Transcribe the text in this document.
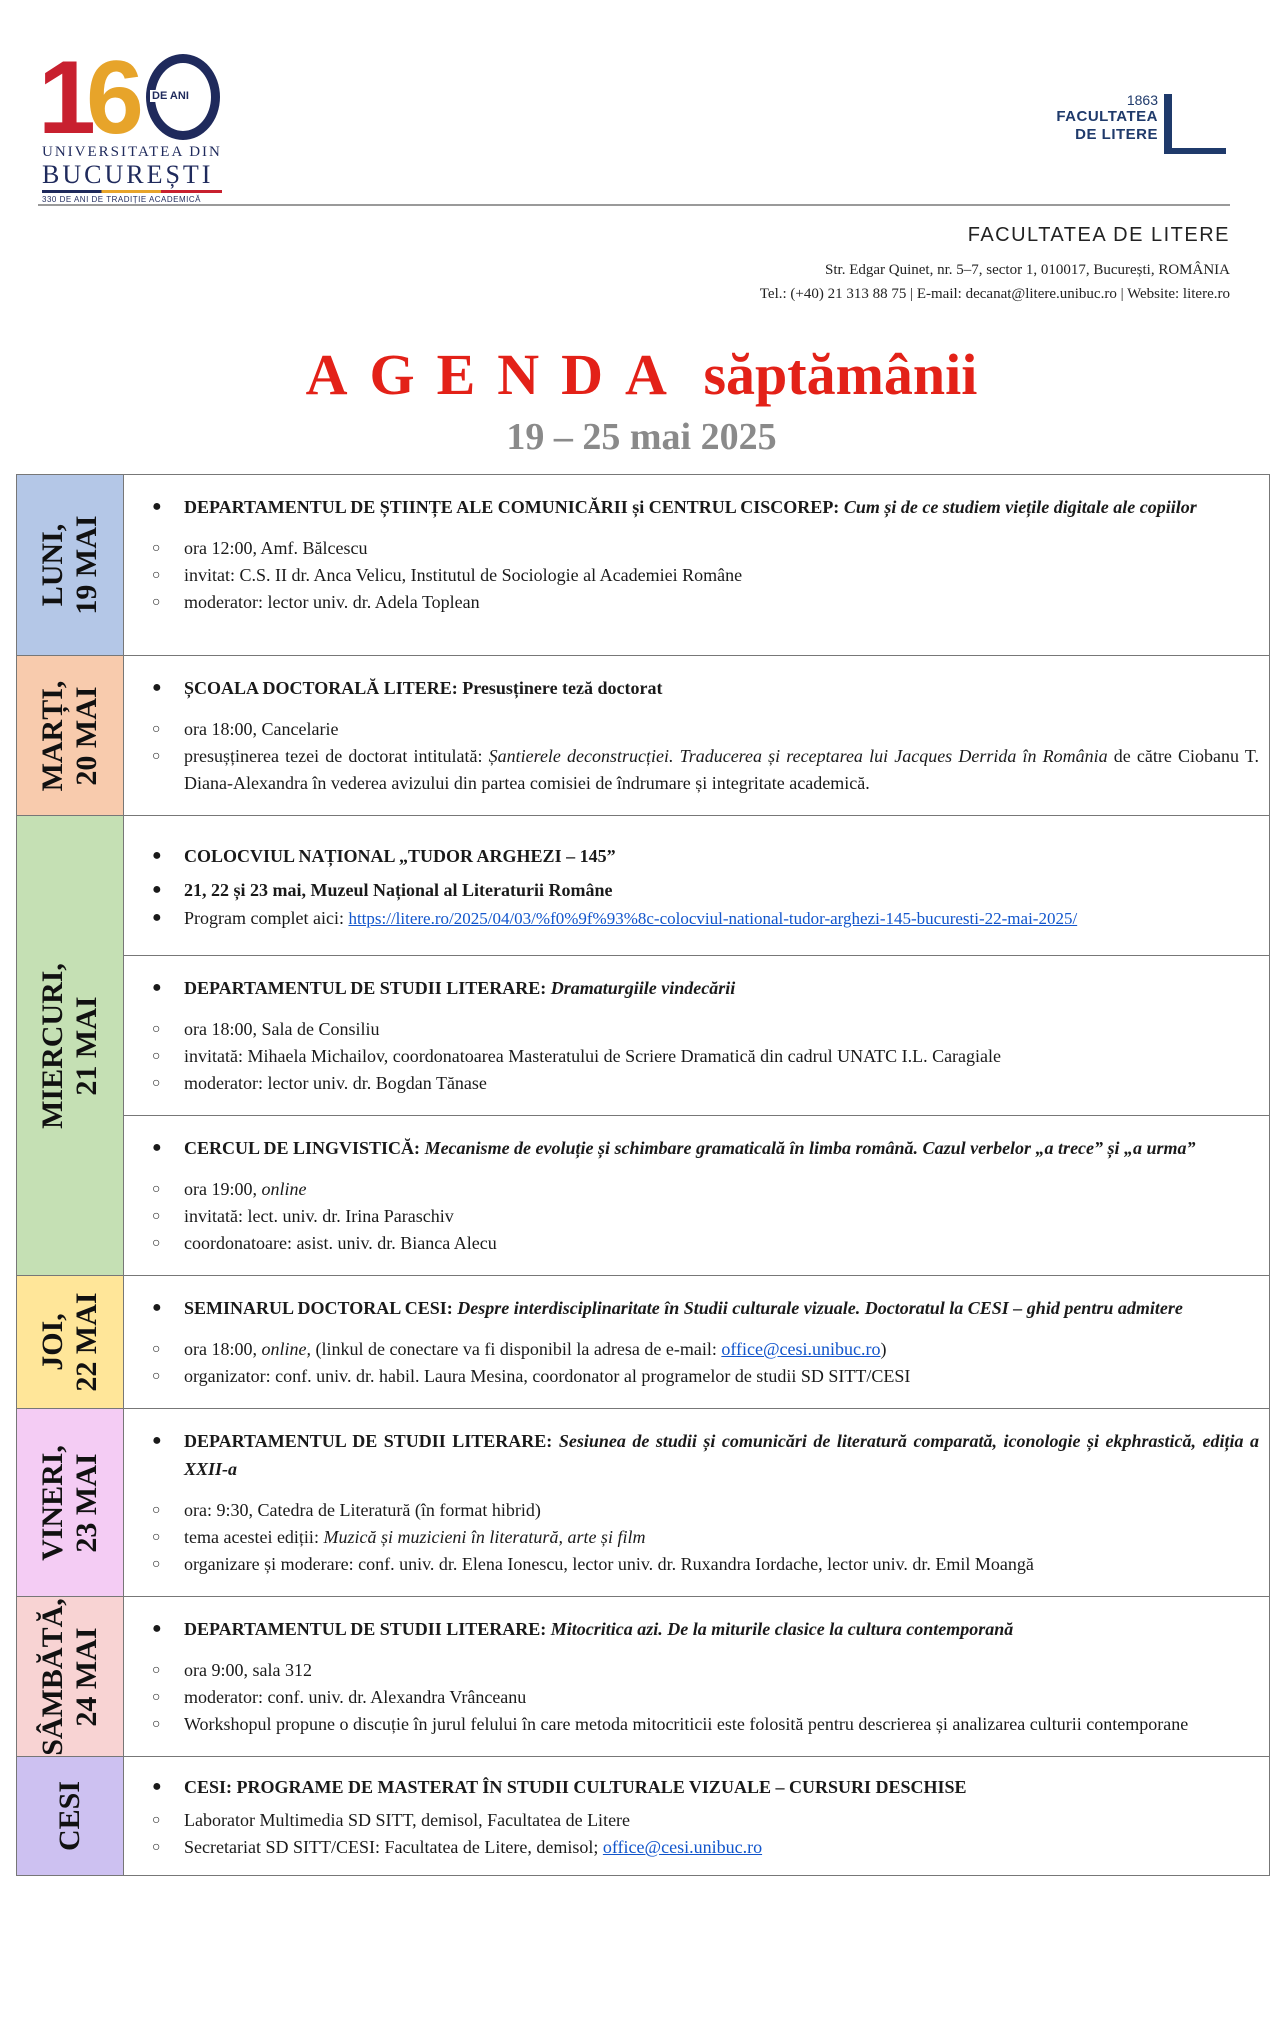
1
6 DE ANI
UNIVERSITATEA DIN
BUCUREȘTI
330 DE ANI DE TRADIȚIE ACADEMICĂ
1863
FACULTATEA
DE LITERE
FACULTATEA DE LITERE
Str. Edgar Quinet, nr. 5–7, sector 1, 010017, București, ROMÂNIA
Tel.: (+40) 21 313 88 75 | E-mail: decanat@litere.unibuc.ro | Website: litere.ro
AGENDA săptămânii
19 – 25 mai 2025
LUNI, 19 MAI
●	DEPARTAMENTUL DE ȘTIINȚE ALE COMUNICĂRII și CENTRUL CISCOREP: Cum și de ce studiem viețile digitale ale copiilor
○	ora 12:00, Amf. Bălcescu
○	invitat: C.S. II dr. Anca Velicu, Institutul de Sociologie al Academiei Române
○	moderator: lector univ. dr. Adela Toplean
MARȚI, 20 MAI	●	ȘCOALA DOCTORALĂ LITERE: Presusținere teză doctorat
○	ora 18:00, Cancelarie
○	presușținerea tezei de doctorat intitulată: Șantierele deconstrucției. Traducerea și receptarea lui Jacques Derrida în România de către Ciobanu T. Diana-Alexandra în vederea avizului din partea comisiei de îndrumare și integritate academică.
MIERCURI, 21 MAI
●	COLOCVIUL NAȚIONAL „TUDOR ARGHEZI – 145”
●	21, 22 și 23 mai, Muzeul Național al Literaturii Române
●	Program complet aici: https://litere.ro/2025/04/03/%f0%9f%93%8c-colocviul-national-tudor-arghezi-145-bucuresti-22-mai-2025/
●	DEPARTAMENTUL DE STUDII LITERARE: Dramaturgiile vindecării
○	ora 18:00, Sala de Consiliu
○	invitată: Mihaela Michailov, coordonatoarea Masteratului de Scriere Dramatică din cadrul UNATC I.L. Caragiale
○	moderator: lector univ. dr. Bogdan Tănase
●	CERCUL DE LINGVISTICĂ: Mecanisme de evoluție și schimbare gramaticală în limba română. Cazul verbelor „a trece” și „a urma”
○	ora 19:00, online
○	invitată: lect. univ. dr. Irina Paraschiv
○	coordonatoare: asist. univ. dr. Bianca Alecu
JOI, 22 MAI	●	SEMINARUL DOCTORAL CESI: Despre interdisciplinaritate în Studii culturale vizuale. Doctoratul la CESI – ghid pentru admitere
○	ora 18:00, online, (linkul de conectare va fi disponibil la adresa de e-mail: office@cesi.unibuc.ro)
○	organizator: conf. univ. dr. habil. Laura Mesina, coordonator al programelor de studii SD SITT/CESI
VINERI, 23 MAI
●	DEPARTAMENTUL DE STUDII LITERARE: Sesiunea de studii și comunicări de literatură comparată, iconologie și ekphrastică, ediția a XXII-a
○	ora: 9:30, Catedra de Literatură (în format hibrid)
○	tema acestei ediții: Muzică și muzicieni în literatură, arte și film
○	organizare și moderare: conf. univ. dr. Elena Ionescu, lector univ. dr. Ruxandra Iordache, lector univ. dr. Emil Moangă
SÂMBĂTĂ, 24 MAI	●	DEPARTAMENTUL DE STUDII LITERARE: Mitocritica azi. De la miturile clasice la cultura contemporană
○	ora 9:00, sala 312
○	moderator: conf. univ. dr. Alexandra Vrânceanu
○	Workshopul propune o discuție în jurul felului în care metoda mitocriticii este folosită pentru descrierea și analizarea culturii contemporane
CESI	●	CESI: PROGRAME DE MASTERAT ÎN STUDII CULTURALE VIZUALE – CURSURI DESCHISE
○	Laborator Multimedia SD SITT, demisol, Facultatea de Litere
○	Secretariat SD SITT/CESI: Facultatea de Litere, demisol; office@cesi.unibuc.ro
